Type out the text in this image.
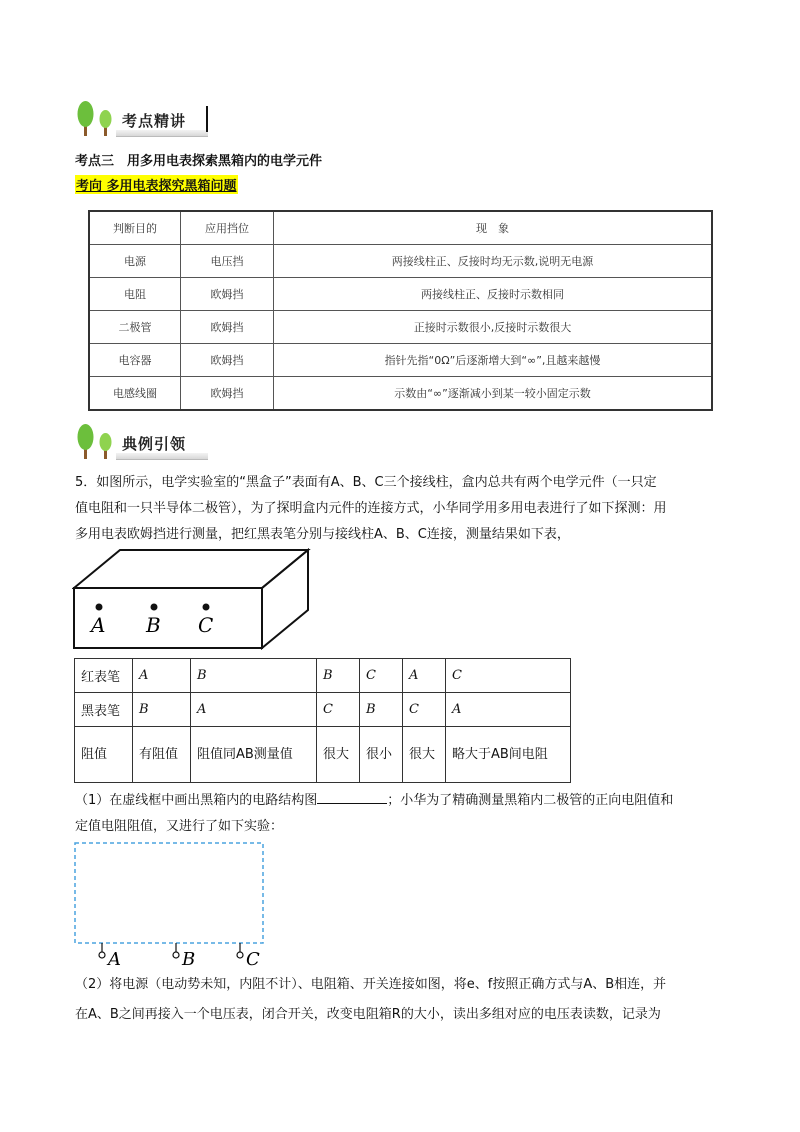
考点精讲
考点三　用多用电表探索黑箱内的电学元件
考向 多用电表探究黑箱问题
判断目的	应用挡位	现　象
电源	电压挡	两接线柱正、反接时均无示数,说明无电源
电阻	欧姆挡	两接线柱正、反接时示数相同
二极管	欧姆挡	正接时示数很小,反接时示数很大
电容器	欧姆挡	指针先指“0Ω”后逐渐增大到“∞”,且越来越慢
电感线圈	欧姆挡	示数由“∞”逐渐减小到某一较小固定示数
典例引领
5．如图所示，电学实验室的“黑盒子”表面有A、B、C三个接线柱，盒内总共有两个电学元件（一只定
值电阻和一只半导体二极管），为了探明盒内元件的连接方式，小华同学用多用电表进行了如下探测：用
多用电表欧姆挡进行测量，把红黑表笔分别与接线柱A、B、C连接，测量结果如下表，
A B C
红表笔	A	B	B	C	A	C
黑表笔	B	A	C	B	C	A
阻值	有阻值	阻值同AB测量值	很大	很小	很大	略大于AB间电阻
（1）在虚线框中画出黑箱内的电路结构图	；小华为了精确测量黑箱内二极管的正向电阻值和
定值电阻阻值，又进行了如下实验：
A	B	C
（2）将电源（电动势未知，内阻不计）、电阻箱、开关连接如图，将e、f按照正确方式与A、B相连，并
在A、B之间再接入一个电压表，闭合开关，改变电阻箱R的大小，读出多组对应的电压表读数，记录为
